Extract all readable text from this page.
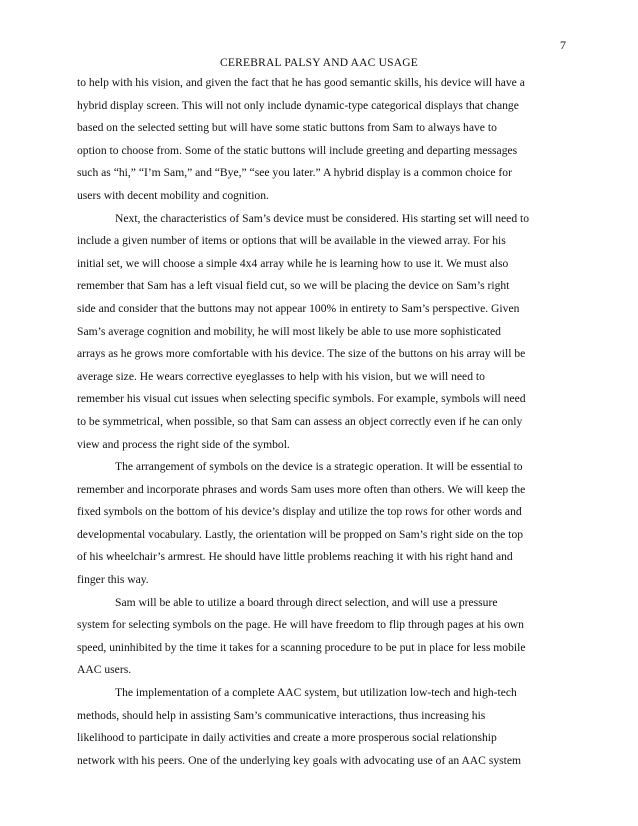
7
CEREBRAL PALSY AND AAC USAGE
to help with his vision, and given the fact that he has good semantic skills, his device will have a
hybrid display screen. This will not only include dynamic-type categorical displays that change
based on the selected setting but will have some static buttons from Sam to always have to
option to choose from. Some of the static buttons will include greeting and departing messages
such as “hi,” “I’m Sam,” and “Bye,” “see you later.” A hybrid display is a common choice for
users with decent mobility and cognition.
Next, the characteristics of Sam’s device must be considered. His starting set will need to
include a given number of items or options that will be available in the viewed array. For his
initial set, we will choose a simple 4x4 array while he is learning how to use it. We must also
remember that Sam has a left visual field cut, so we will be placing the device on Sam’s right
side and consider that the buttons may not appear 100% in entirety to Sam’s perspective. Given
Sam’s average cognition and mobility, he will most likely be able to use more sophisticated
arrays as he grows more comfortable with his device. The size of the buttons on his array will be
average size. He wears corrective eyeglasses to help with his vision, but we will need to
remember his visual cut issues when selecting specific symbols. For example, symbols will need
to be symmetrical, when possible, so that Sam can assess an object correctly even if he can only
view and process the right side of the symbol.
The arrangement of symbols on the device is a strategic operation. It will be essential to
remember and incorporate phrases and words Sam uses more often than others. We will keep the
fixed symbols on the bottom of his device’s display and utilize the top rows for other words and
developmental vocabulary. Lastly, the orientation will be propped on Sam’s right side on the top
of his wheelchair’s armrest. He should have little problems reaching it with his right hand and
finger this way.
Sam will be able to utilize a board through direct selection, and will use a pressure
system for selecting symbols on the page. He will have freedom to flip through pages at his own
speed, uninhibited by the time it takes for a scanning procedure to be put in place for less mobile
AAC users.
The implementation of a complete AAC system, but utilization low-tech and high-tech
methods, should help in assisting Sam’s communicative interactions, thus increasing his
likelihood to participate in daily activities and create a more prosperous social relationship
network with his peers. One of the underlying key goals with advocating use of an AAC system
